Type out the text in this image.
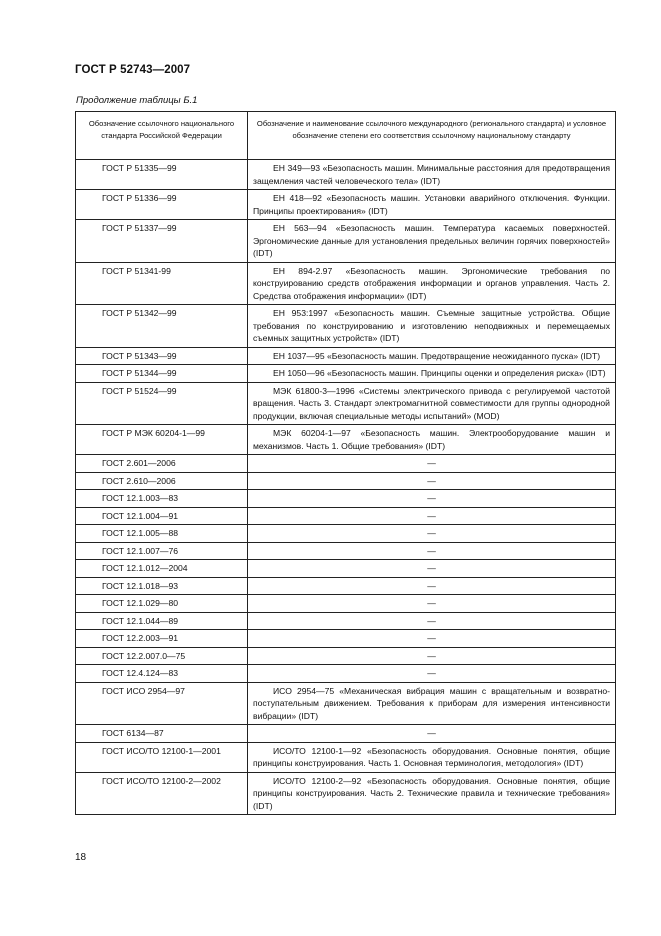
ГОСТ Р 52743—2007
Продолжение таблицы Б.1
Обозначение ссылочного национального стандарта Российской Федерации	Обозначение и наименование ссылочного международного (регионального стандарта) и условное обозначение степени его соответствия ссылочному национальному стандарту
ГОСТ Р 51335—99	ЕН 349—93 «Безопасность машин. Минимальные расстояния для предотвращения защемления частей человеческого тела» (IDT)
ГОСТ Р 51336—99	ЕН 418—92 «Безопасность машин. Установки аварийного отключения. Функции. Принципы проектирования» (IDT)
ГОСТ Р 51337—99	ЕН 563—94 «Безопасность машин. Температура касаемых поверхностей. Эргономические данные для установления предельных величин горячих поверхностей» (IDT)
ГОСТ Р 51341-99	ЕН 894-2.97 «Безопасность машин. Эргономические требования по конструированию средств отображения информации и органов управления. Часть 2. Средства отображения информации» (IDT)
ГОСТ Р 51342—99	ЕН 953:1997 «Безопасность машин. Съемные защитные устройства. Общие требования по конструированию и изготовлению неподвижных и перемещаемых съемных защитных устройств» (IDT)
ГОСТ Р 51343—99	ЕН 1037—95 «Безопасность машин. Предотвращение неожиданного пуска» (IDT)
ГОСТ Р 51344—99	ЕН 1050—96 «Безопасность машин. Принципы оценки и определения риска» (IDT)
ГОСТ Р 51524—99	МЭК 61800-3—1996 «Системы электрического привода с регулируемой частотой вращения. Часть 3. Стандарт электромагнитной совместимости для группы однородной продукции, включая специальные методы испытаний» (MOD)
ГОСТ Р МЭК 60204-1—99	МЭК 60204-1—97 «Безопасность машин. Электрооборудование машин и механизмов. Часть 1. Общие требования» (IDT)
ГОСТ 2.601—2006	—
ГОСТ 2.610—2006	—
ГОСТ 12.1.003—83	—
ГОСТ 12.1.004—91	—
ГОСТ 12.1.005—88	—
ГОСТ 12.1.007—76	—
ГОСТ 12.1.012—2004	—
ГОСТ 12.1.018—93	—
ГОСТ 12.1.029—80	—
ГОСТ 12.1.044—89	—
ГОСТ 12.2.003—91	—
ГОСТ 12.2.007.0—75	—
ГОСТ 12.4.124—83	—
ГОСТ ИСО 2954—97	ИСО 2954—75 «Механическая вибрация машин с вращательным и возвратно-поступательным движением. Требования к приборам для измерения интенсивности вибрации» (IDT)
ГОСТ 6134—87	—
ГОСТ ИСО/ТО 12100-1—2001	ИСО/ТО 12100-1—92 «Безопасность оборудования. Основные понятия, общие принципы конструирования. Часть 1. Основная терминология, методология» (IDT)
ГОСТ ИСО/ТО 12100-2—2002	ИСО/ТО 12100-2—92 «Безопасность оборудования. Основные понятия, общие принципы конструирования. Часть 2. Технические правила и технические требования» (IDT)
18
